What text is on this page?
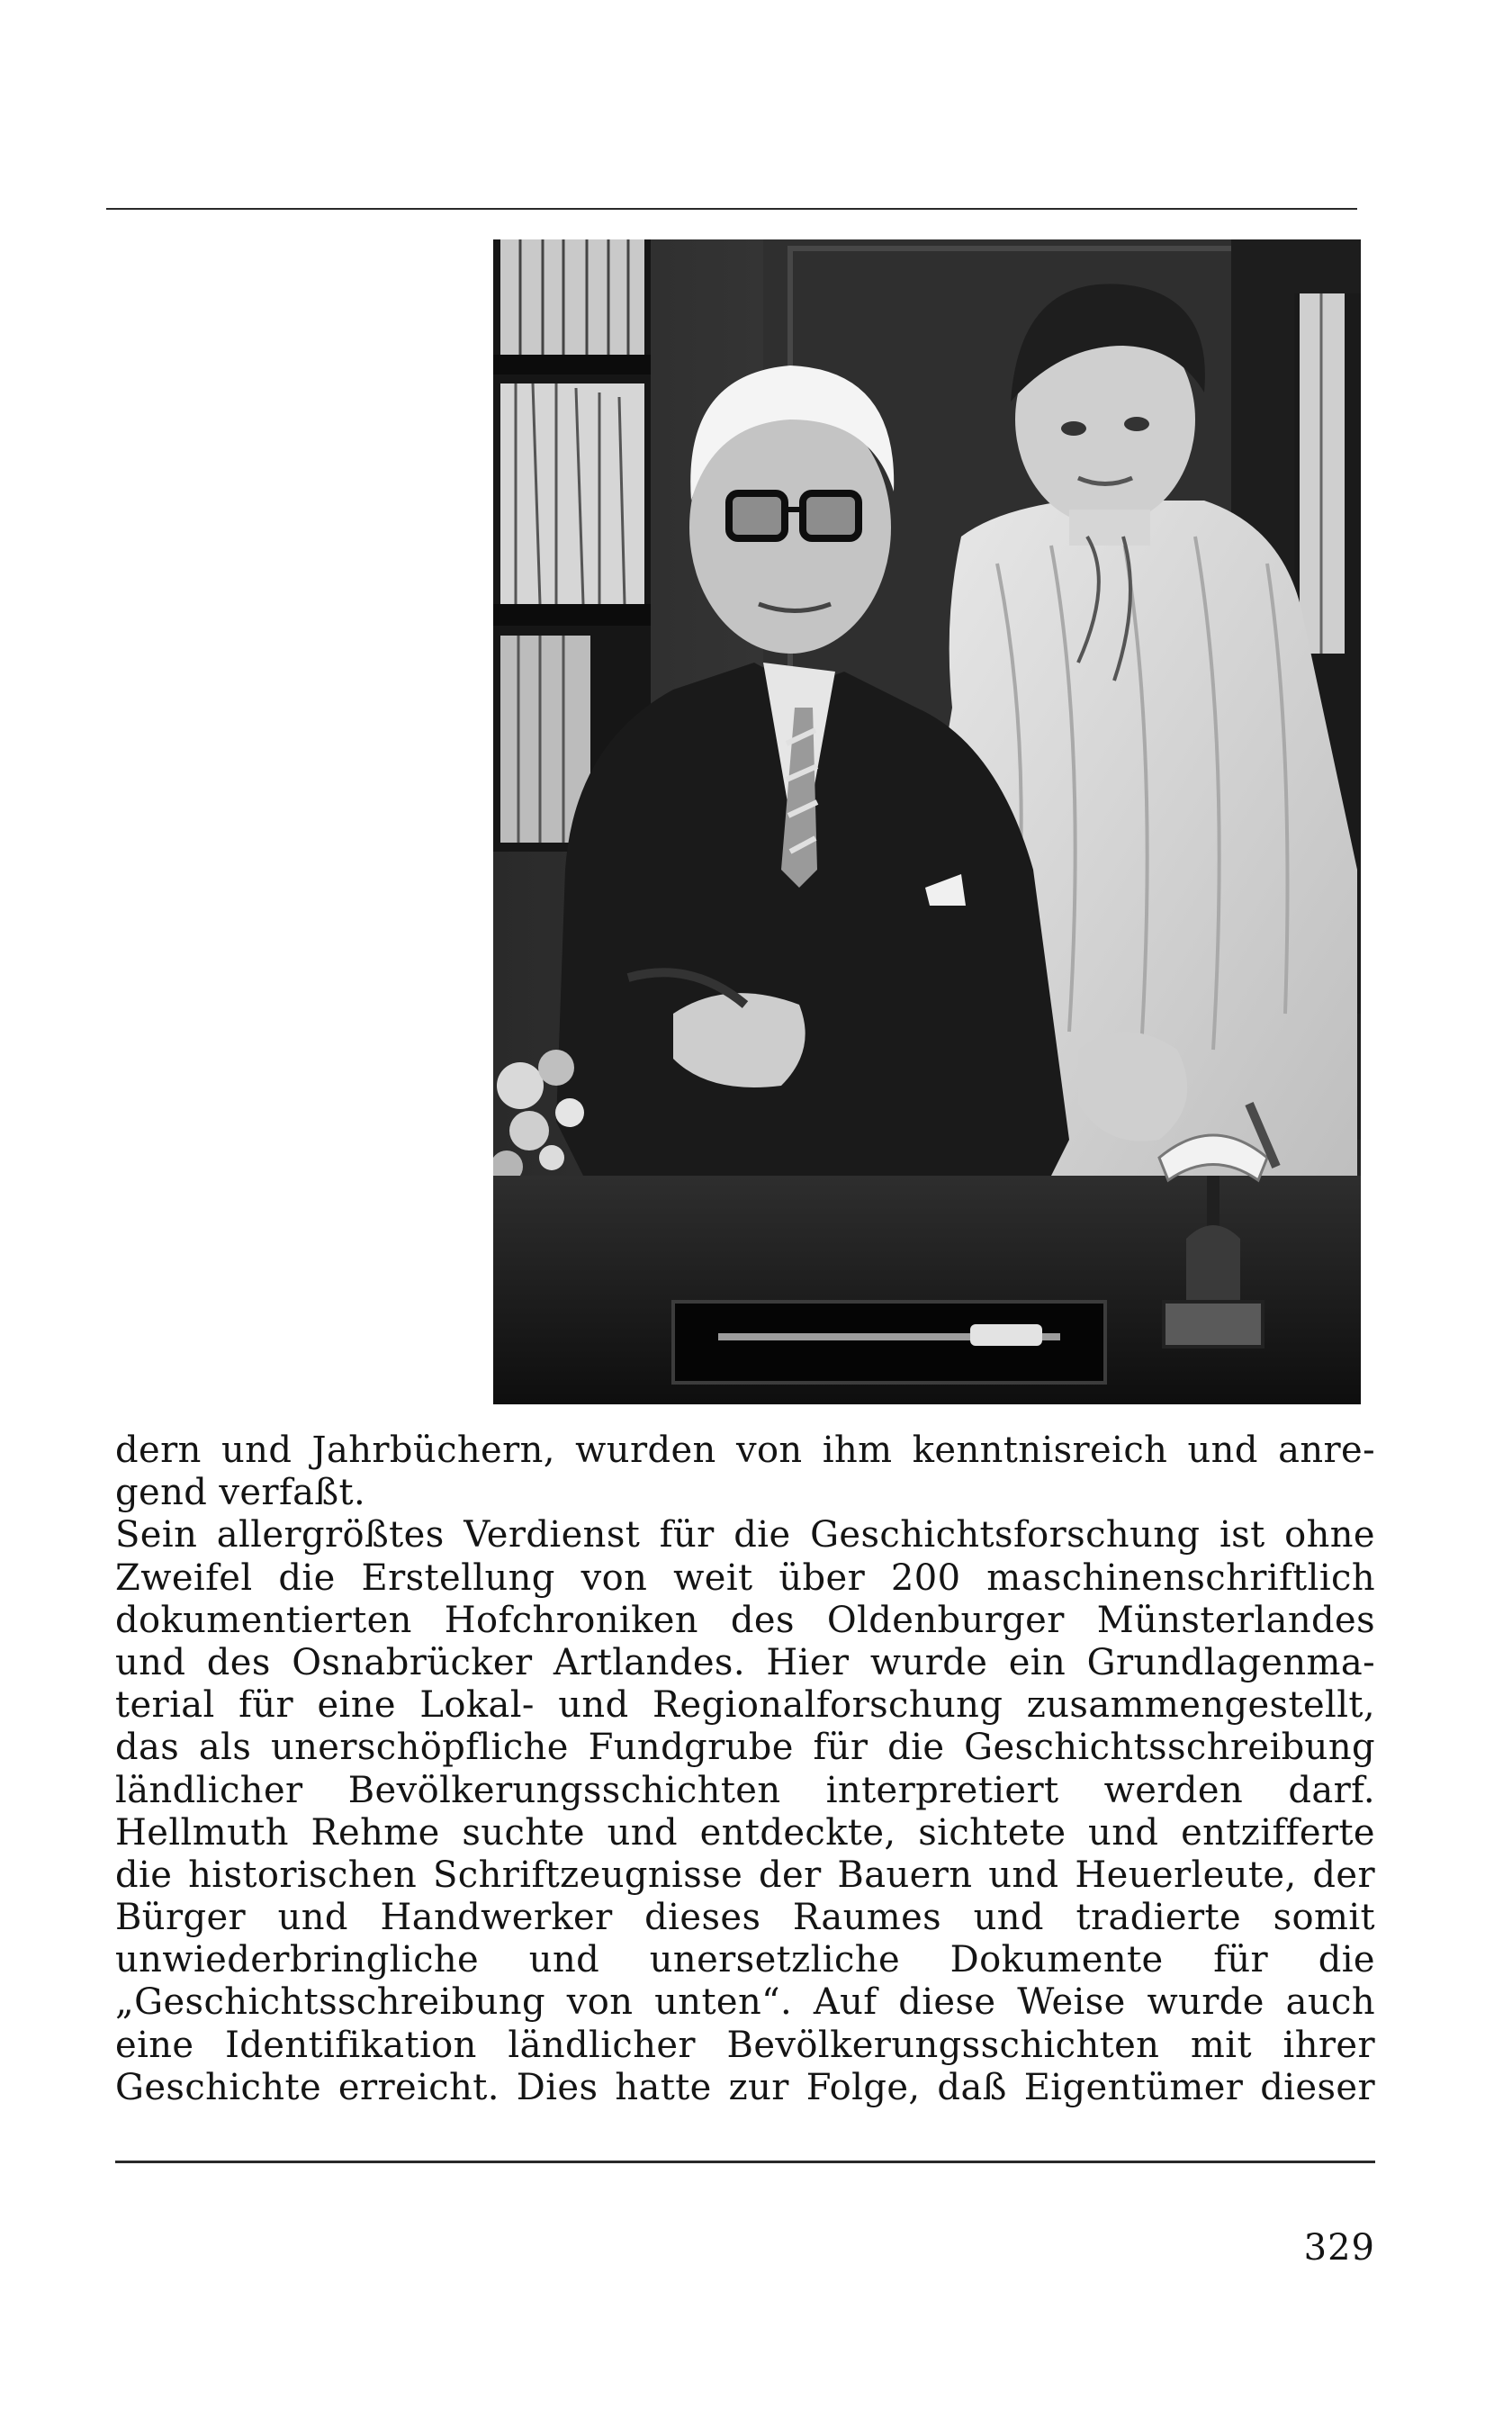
dern und Jahrbüchern, wurden von ihm kenntnisreich und anre-
gend verfaßt.
Sein allergrößtes Verdienst für die Geschichtsforschung ist ohne
Zweifel die Erstellung von weit über 200 maschinenschriftlich
dokumentierten Hofchroniken des Oldenburger Münsterlandes
und des Osnabrücker Artlandes. Hier wurde ein Grundlagenma-
terial für eine Lokal- und Regionalforschung zusammengestellt,
das als unerschöpfliche Fundgrube für die Geschichtsschreibung
ländlicher Bevölkerungsschichten interpretiert werden darf.
Hellmuth Rehme suchte und entdeckte, sichtete und entzifferte
die historischen Schriftzeugnisse der Bauern und Heuerleute, der
Bürger und Handwerker dieses Raumes und tradierte somit
unwiederbringliche und unersetzliche Dokumente für die
„Geschichtsschreibung von unten“. Auf diese Weise wurde auch
eine Identifikation ländlicher Bevölkerungsschichten mit ihrer
Geschichte erreicht. Dies hatte zur Folge, daß Eigentümer dieser
329
